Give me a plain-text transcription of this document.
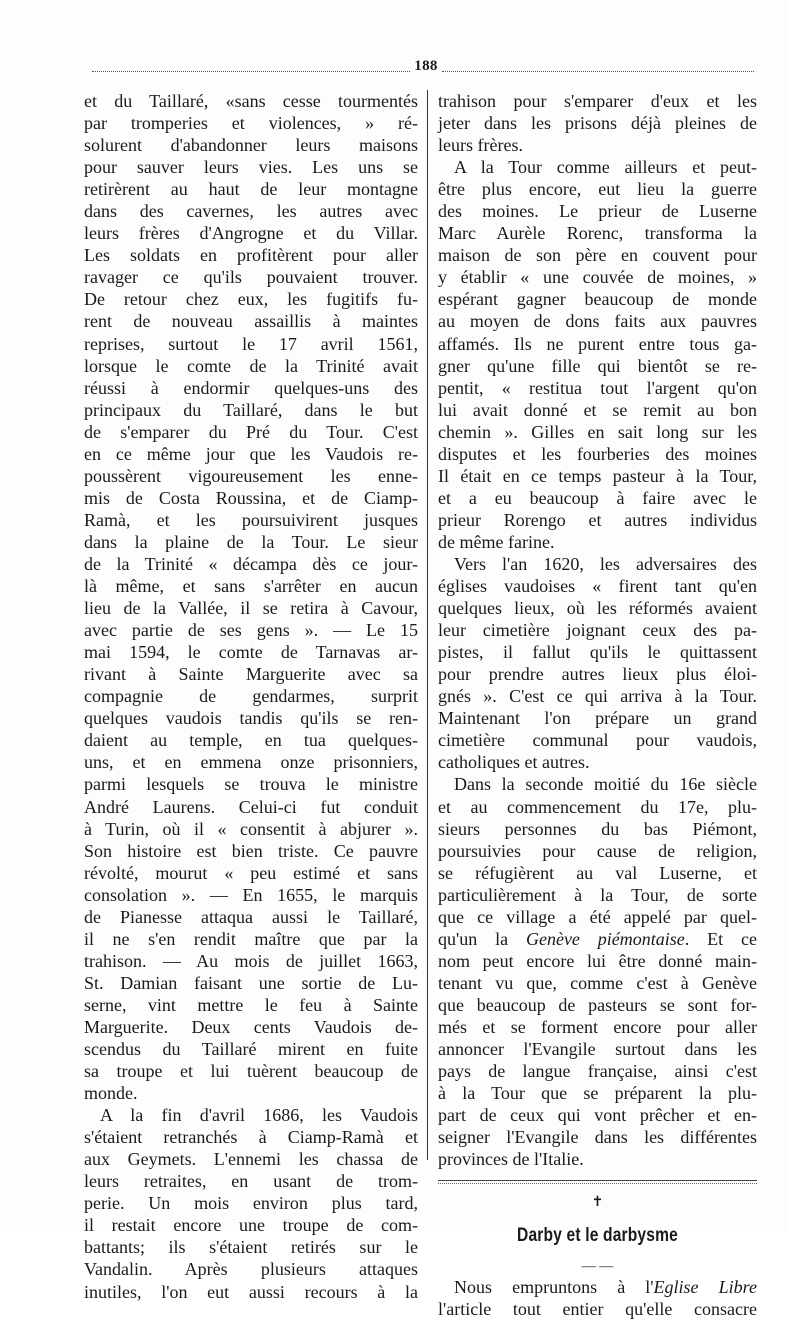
188
et du Taillaré, «sans cesse tourmentés
par tromperies et violences, » ré-
solurent d'abandonner leurs maisons
pour sauver leurs vies. Les uns se
retirèrent au haut de leur montagne
dans des cavernes, les autres avec
leurs frères d'Angrogne et du Villar.
Les soldats en profitèrent pour aller
ravager ce qu'ils pouvaient trouver.
De retour chez eux, les fugitifs fu-
rent de nouveau assaillis à maintes
reprises, surtout le 17 avril 1561,
lorsque le comte de la Trinité avait
réussi à endormir quelques-uns des
principaux du Taillaré, dans le but
de s'emparer du Pré du Tour. C'est
en ce même jour que les Vaudois re-
poussèrent vigoureusement les enne-
mis de Costa Roussina, et de Ciamp-
Ramà, et les poursuivirent jusques
dans la plaine de la Tour. Le sieur
de la Trinité « décampa dès ce jour-
là même, et sans s'arrêter en aucun
lieu de la Vallée, il se retira à Cavour,
avec partie de ses gens ». — Le 15
mai 1594, le comte de Tarnavas ar-
rivant à Sainte Marguerite avec sa
compagnie de gendarmes, surprit
quelques vaudois tandis qu'ils se ren-
daient au temple, en tua quelques-
uns, et en emmena onze prisonniers,
parmi lesquels se trouva le ministre
André Laurens. Celui-ci fut conduit
à Turin, où il « consentit à abjurer ».
Son histoire est bien triste. Ce pauvre
révolté, mourut « peu estimé et sans
consolation ». — En 1655, le marquis
de Pianesse attaqua aussi le Taillaré,
il ne s'en rendit maître que par la
trahison. — Au mois de juillet 1663,
St. Damian faisant une sortie de Lu-
serne, vint mettre le feu à Sainte
Marguerite. Deux cents Vaudois de-
scendus du Taillaré mirent en fuite
sa troupe et lui tuèrent beaucoup de
monde.
A la fin d'avril 1686, les Vaudois
s'étaient retranchés à Ciamp-Ramà et
aux Geymets. L'ennemi les chassa de
leurs retraites, en usant de trom-
perie. Un mois environ plus tard,
il restait encore une troupe de com-
battants; ils s'étaient retirés sur le
Vandalin. Après plusieurs attaques
inutiles, l'on eut aussi recours à la
trahison pour s'emparer d'eux et les
jeter dans les prisons déjà pleines de
leurs frères.
A la Tour comme ailleurs et peut-
être plus encore, eut lieu la guerre
des moines. Le prieur de Luserne
Marc Aurèle Rorenc, transforma la
maison de son père en couvent pour
y établir « une couvée de moines, »
espérant gagner beaucoup de monde
au moyen de dons faits aux pauvres
affamés. Ils ne purent entre tous ga-
gner qu'une fille qui bientôt se re-
pentit, « restitua tout l'argent qu'on
lui avait donné et se remit au bon
chemin ». Gilles en sait long sur les
disputes et les fourberies des moines
Il était en ce temps pasteur à la Tour,
et a eu beaucoup à faire avec le
prieur Rorengo et autres individus
de même farine.
Vers l'an 1620, les adversaires des
églises vaudoises « firent tant qu'en
quelques lieux, où les réformés avaient
leur cimetière joignant ceux des pa-
pistes, il fallut qu'ils le quittassent
pour prendre autres lieux plus éloi-
gnés ». C'est ce qui arriva à la Tour.
Maintenant l'on prépare un grand
cimetière communal pour vaudois,
catholiques et autres.
Dans la seconde moitié du 16e siècle
et au commencement du 17e, plu-
sieurs personnes du bas Piémont,
poursuivies pour cause de religion,
se réfugièrent au val Luserne, et
particulièrement à la Tour, de sorte
que ce village a été appelé par quel-
qu'un la Genève piémontaise. Et ce
nom peut encore lui être donné main-
tenant vu que, comme c'est à Genève
que beaucoup de pasteurs se sont for-
més et se forment encore pour aller
annoncer l'Evangile surtout dans les
pays de langue française, ainsi c'est
à la Tour que se préparent la plu-
part de ceux qui vont prêcher et en-
seigner l'Evangile dans les différentes
provinces de l'Italie.
✝
Darby et le darbysme
— —
Nous empruntons à l'Eglise Libre
l'article tout entier qu'elle consacre
